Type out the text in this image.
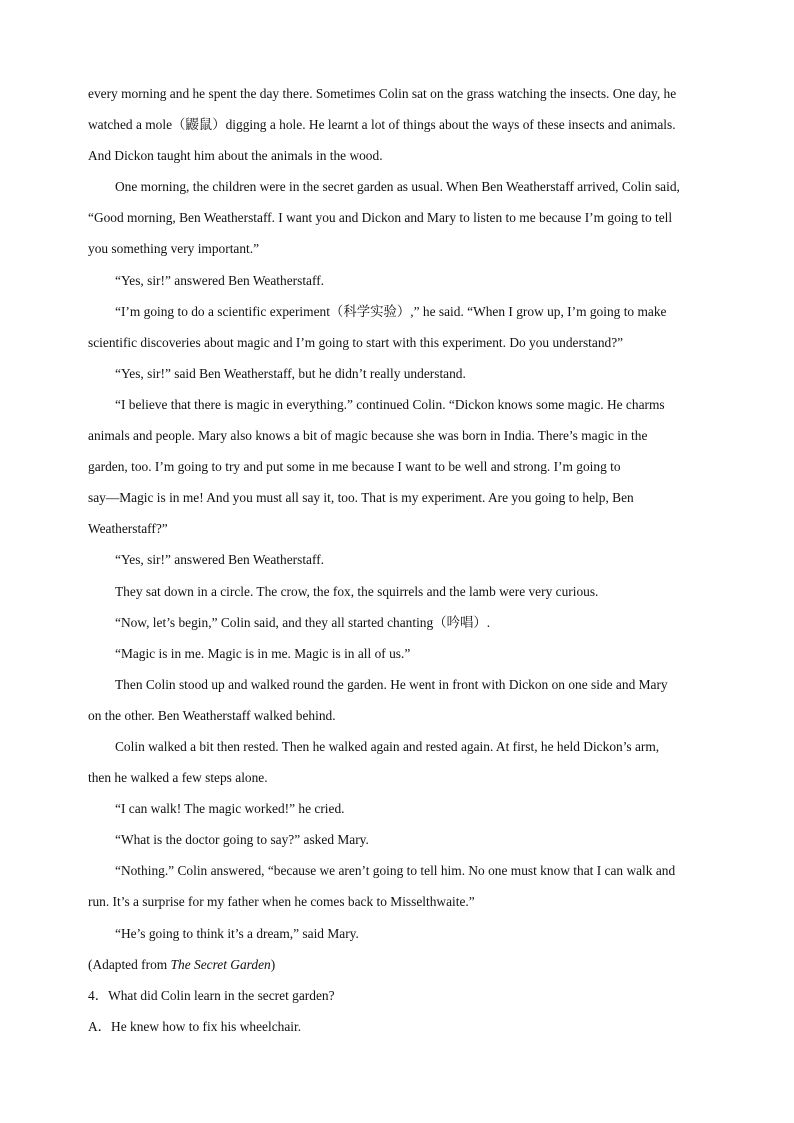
every morning and he spent the day there. Sometimes Colin sat on the grass watching the insects. One day, he
watched a mole（鼹鼠）digging a hole. He learnt a lot of things about the ways of these insects and animals.
And Dickon taught him about the animals in the wood.
One morning, the children were in the secret garden as usual. When Ben Weatherstaff arrived, Colin said,
“Good morning, Ben Weatherstaff. I want you and Dickon and Mary to listen to me because I’m going to tell
you something very important.”
“Yes, sir!” answered Ben Weatherstaff.
“I’m going to do a scientific experiment（科学实验）,” he said. “When I grow up, I’m going to make
scientific discoveries about magic and I’m going to start with this experiment. Do you understand?”
“Yes, sir!” said Ben Weatherstaff, but he didn’t really understand.
“I believe that there is magic in everything.” continued Colin. “Dickon knows some magic. He charms
animals and people. Mary also knows a bit of magic because she was born in India. There’s magic in the
garden, too. I’m going to try and put some in me because I want to be well and strong. I’m going to
say—Magic is in me! And you must all say it, too. That is my experiment. Are you going to help, Ben
Weatherstaff?”
“Yes, sir!” answered Ben Weatherstaff.
They sat down in a circle. The crow, the fox, the squirrels and the lamb were very curious.
“Now, let’s begin,” Colin said, and they all started chanting（吟唱）.
“Magic is in me. Magic is in me. Magic is in all of us.”
Then Colin stood up and walked round the garden. He went in front with Dickon on one side and Mary
on the other. Ben Weatherstaff walked behind.
Colin walked a bit then rested. Then he walked again and rested again. At first, he held Dickon’s arm,
then he walked a few steps alone.
“I can walk! The magic worked!” he cried.
“What is the doctor going to say?” asked Mary.
“Nothing.” Colin answered, “because we aren’t going to tell him. No one must know that I can walk and
run. It’s a surprise for my father when he comes back to Misselthwaite.”
“He’s going to think it’s a dream,” said Mary.
(Adapted from The Secret Garden)
4．What did Colin learn in the secret garden?
A．He knew how to fix his wheelchair.
